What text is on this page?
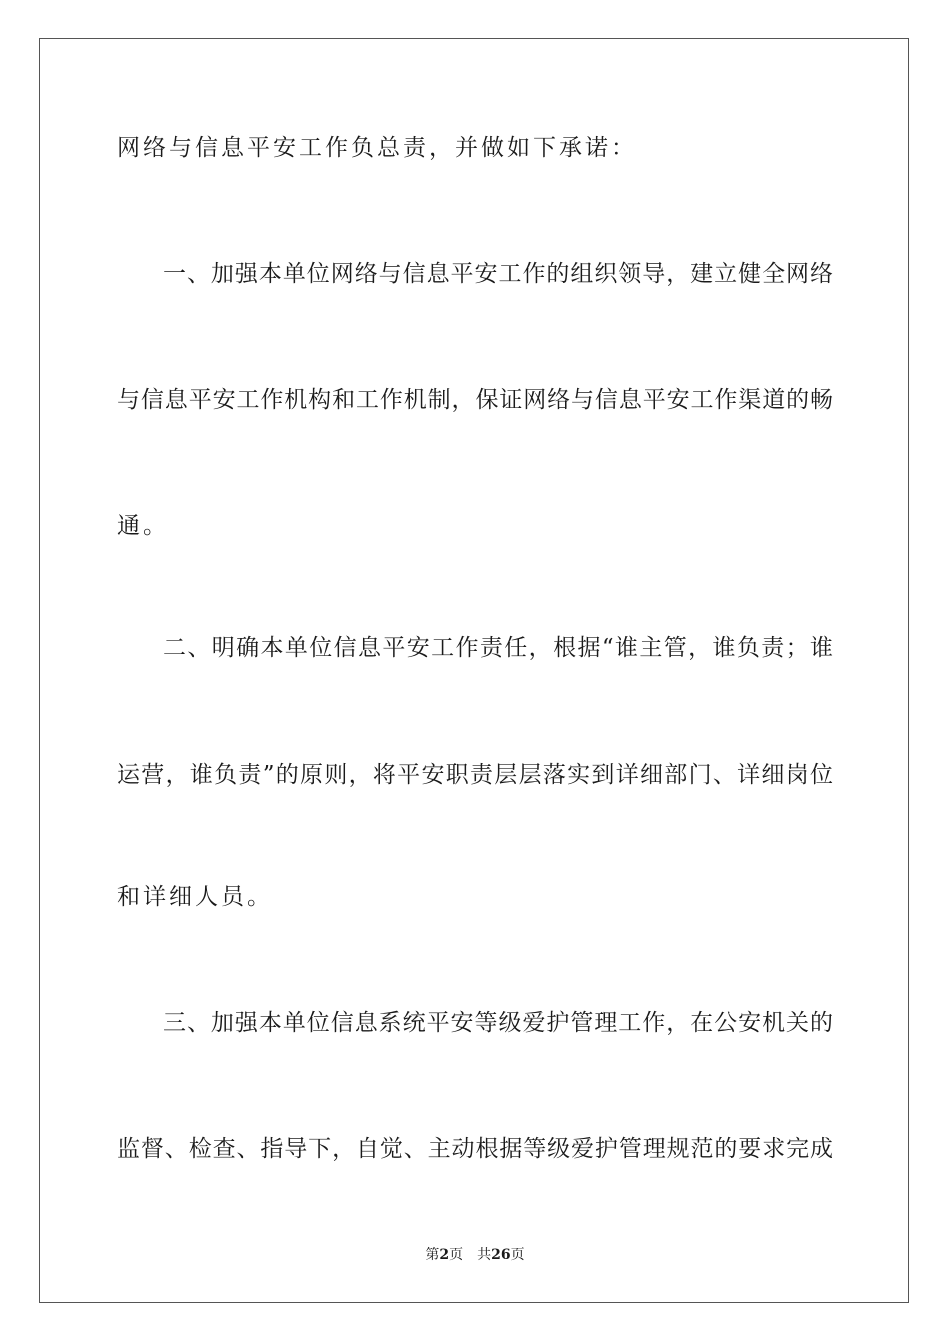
网络与信息平安工作负总责，并做如下承诺：
一、加强本单位网络与信息平安工作的组织领导，建立健全网络
与信息平安工作机构和工作机制，保证网络与信息平安工作渠道的畅
通。
二、明确本单位信息平安工作责任，根据“谁主管，谁负责；谁
运营，谁负责”的原则，将平安职责层层落实到详细部门、详细岗位
和详细人员。
三、加强本单位信息系统平安等级爱护管理工作，在公安机关的
监督、检查、指导下，自觉、主动根据等级爱护管理规范的要求完成
第2页 共26页
